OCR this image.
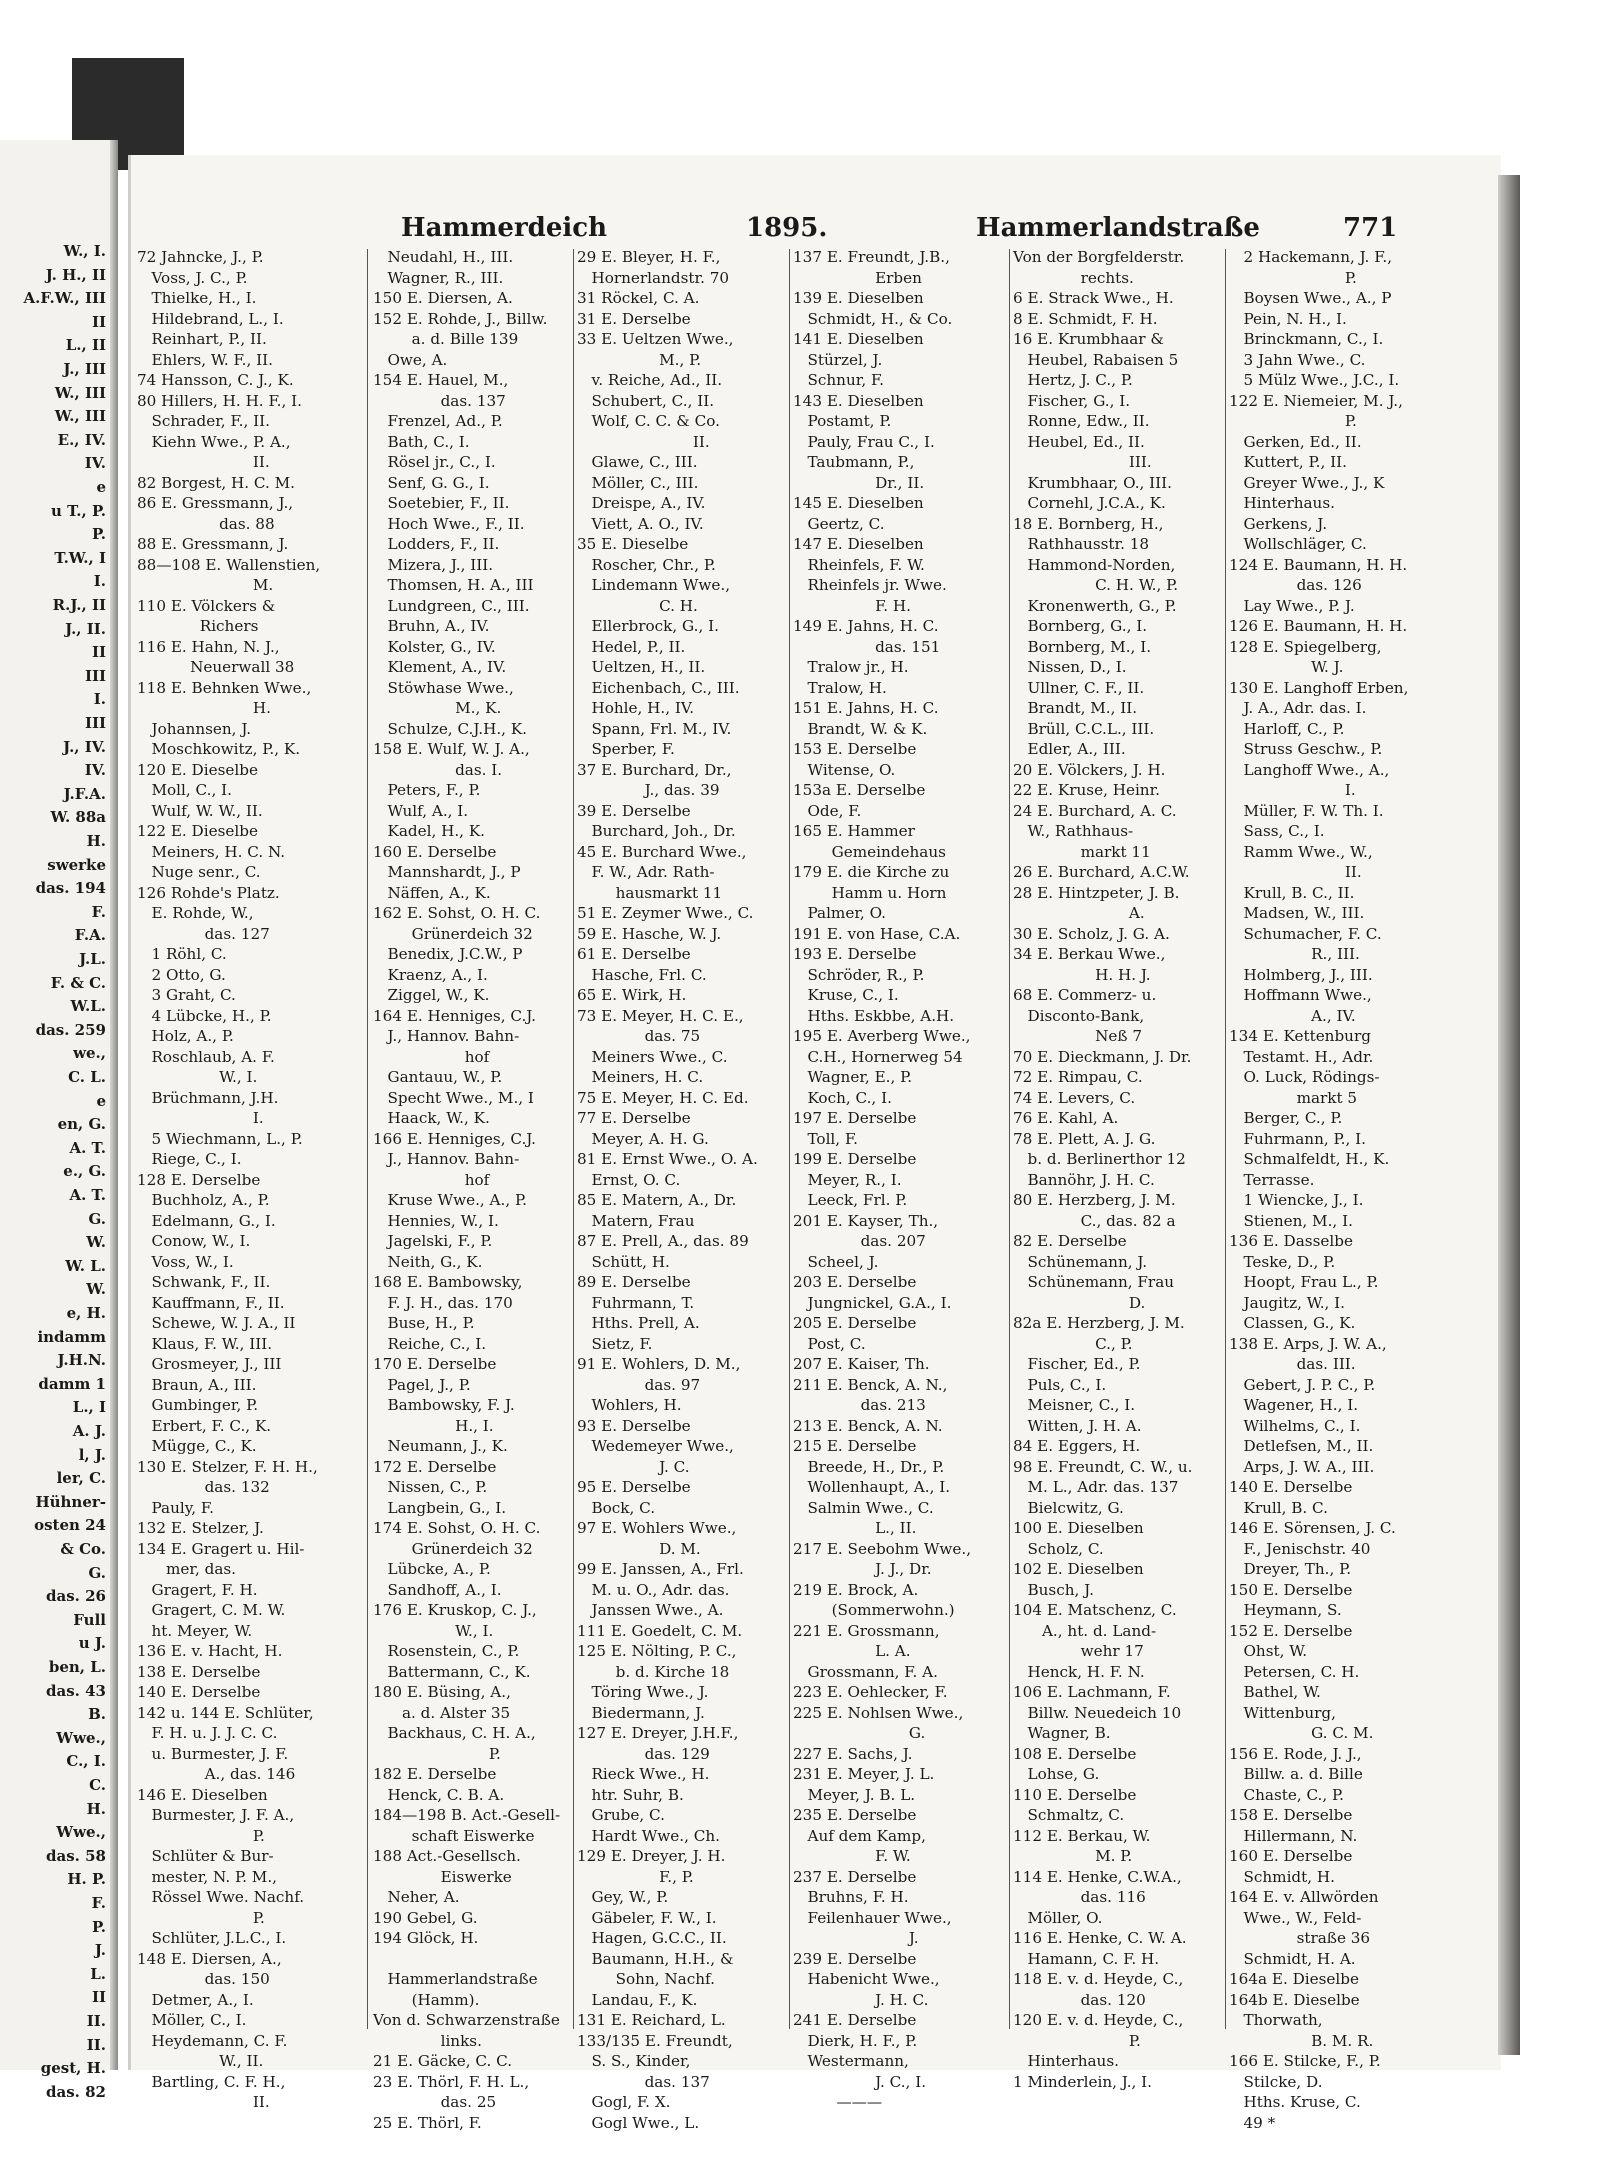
W., I.
J. H., II
A.F.W., III
II
L., II
J., III
W., III
W., III
E., IV.
IV.
e
u T., P.
P.
T.W., I
I.
R.J., II
J., II.
II
III
I.
III
J., IV.
IV.
J.F.A.
W. 88a
H.
swerke
das. 194
F.
F.A.
J.L.
F. & C.
W.L.
das. 259
we.,
C. L.
e
en, G.
A. T.
e., G.
A. T.
G.
W.
W. L.
W.
e, H.
indamm
J.H.N.
damm 1
L., I
A. J.
l, J.
ler, C.
Hühner-
osten 24
& Co.
G.
das. 26
Full
u J.
ben, L.
das. 43
B.
Wwe.,
C., I.
C.
H.
Wwe.,
das. 58
H. P.
F.
P.
J.
L.
II
II.
II.
gest, H.
das. 82
Hammerdeich	1895.	Hammerlandstraße	771
72 Jahncke, J., P.
Voss, J. C., P.
Thielke, H., I.
Hildebrand, L., I.
Reinhart, P., II.
Ehlers, W. F., II.
74 Hansson, C. J., K.
80 Hillers, H. H. F., I.
Schrader, F., II.
Kiehn Wwe., P. A.,
II.
82 Borgest, H. C. M.
86 E. Gressmann, J.,
das. 88
88 E. Gressmann, J.
88—108 E. Wallenstien,
M.
110 E. Völckers &
Richers
116 E. Hahn, N. J.,
Neuerwall 38
118 E. Behnken Wwe.,
H.
Johannsen, J.
Moschkowitz, P., K.
120 E. Dieselbe
Moll, C., I.
Wulf, W. W., II.
122 E. Dieselbe
Meiners, H. C. N.
Nuge senr., C.
126 Rohde's Platz.
E. Rohde, W.,
das. 127
1 Röhl, C.
2 Otto, G.
3 Graht, C.
4 Lübcke, H., P.
Holz, A., P.
Roschlaub, A. F.
W., I.
Brüchmann, J.H.
I.
5 Wiechmann, L., P.
Riege, C., I.
128 E. Derselbe
Buchholz, A., P.
Edelmann, G., I.
Conow, W., I.
Voss, W., I.
Schwank, F., II.
Kauffmann, F., II.
Schewe, W. J. A., II
Klaus, F. W., III.
Grosmeyer, J., III
Braun, A., III.
Gumbinger, P.
Erbert, F. C., K.
Mügge, C., K.
130 E. Stelzer, F. H. H.,
das. 132
Pauly, F.
132 E. Stelzer, J.
134 E. Gragert u. Hil-
mer, das.
Gragert, F. H.
Gragert, C. M. W.
ht. Meyer, W.
136 E. v. Hacht, H.
138 E. Derselbe
140 E. Derselbe
142 u. 144 E. Schlüter,
F. H. u. J. J. C. C.
u. Burmester, J. F.
A., das. 146
146 E. Dieselben
Burmester, J. F. A.,
P.
Schlüter & Bur-
mester, N. P. M.,
Rössel Wwe. Nachf.
P.
Schlüter, J.L.C., I.
148 E. Diersen, A.,
das. 150
Detmer, A., I.
Möller, C., I.
Heydemann, C. F.
W., II.
Bartling, C. F. H.,
II.
Neudahl, H., III.
Wagner, R., III.
150 E. Diersen, A.
152 E. Rohde, J., Billw.
a. d. Bille 139
Owe, A.
154 E. Hauel, M.,
das. 137
Frenzel, Ad., P.
Bath, C., I.
Rösel jr., C., I.
Senf, G. G., I.
Soetebier, F., II.
Hoch Wwe., F., II.
Lodders, F., II.
Mizera, J., III.
Thomsen, H. A., III
Lundgreen, C., III.
Bruhn, A., IV.
Kolster, G., IV.
Klement, A., IV.
Stöwhase Wwe.,
M., K.
Schulze, C.J.H., K.
158 E. Wulf, W. J. A.,
das. I.
Peters, F., P.
Wulf, A., I.
Kadel, H., K.
160 E. Derselbe
Mannshardt, J., P
Näffen, A., K.
162 E. Sohst, O. H. C.
Grünerdeich 32
Benedix, J.C.W., P
Kraenz, A., I.
Ziggel, W., K.
164 E. Henniges, C.J.
J., Hannov. Bahn-
hof
Gantauu, W., P.
Specht Wwe., M., I
Haack, W., K.
166 E. Henniges, C.J.
J., Hannov. Bahn-
hof
Kruse Wwe., A., P.
Hennies, W., I.
Jagelski, F., P.
Neith, G., K.
168 E. Bambowsky,
F. J. H., das. 170
Buse, H., P.
Reiche, C., I.
170 E. Derselbe
Pagel, J., P.
Bambowsky, F. J.
H., I.
Neumann, J., K.
172 E. Derselbe
Nissen, C., P.
Langbein, G., I.
174 E. Sohst, O. H. C.
Grünerdeich 32
Lübcke, A., P.
Sandhoff, A., I.
176 E. Kruskop, C. J.,
W., I.
Rosenstein, C., P.
Battermann, C., K.
180 E. Büsing, A.,
a. d. Alster 35
Backhaus, C. H. A.,
P.
182 E. Derselbe
Henck, C. B. A.
184—198 B. Act.-Gesell-
schaft Eiswerke
188 Act.-Gesellsch.
Eiswerke
Neher, A.
190 Gebel, G.
194 Glöck, H.
Hammerlandstraße
(Hamm).
Von d. Schwarzenstraße
links.
21 E. Gäcke, C. C.
23 E. Thörl, F. H. L.,
das. 25
25 E. Thörl, F.
29 E. Bleyer, H. F.,
Hornerlandstr. 70
31 Röckel, C. A.
31 E. Derselbe
33 E. Ueltzen Wwe.,
M., P.
v. Reiche, Ad., II.
Schubert, C., II.
Wolf, C. C. & Co.
II.
Glawe, C., III.
Möller, C., III.
Dreispe, A., IV.
Viett, A. O., IV.
35 E. Dieselbe
Roscher, Chr., P.
Lindemann Wwe.,
C. H.
Ellerbrock, G., I.
Hedel, P., II.
Ueltzen, H., II.
Eichenbach, C., III.
Hohle, H., IV.
Spann, Frl. M., IV.
Sperber, F.
37 E. Burchard, Dr.,
J., das. 39
39 E. Derselbe
Burchard, Joh., Dr.
45 E. Burchard Wwe.,
F. W., Adr. Rath-
hausmarkt 11
51 E. Zeymer Wwe., C.
59 E. Hasche, W. J.
61 E. Derselbe
Hasche, Frl. C.
65 E. Wirk, H.
73 E. Meyer, H. C. E.,
das. 75
Meiners Wwe., C.
Meiners, H. C.
75 E. Meyer, H. C. Ed.
77 E. Derselbe
Meyer, A. H. G.
81 E. Ernst Wwe., O. A.
Ernst, O. C.
85 E. Matern, A., Dr.
Matern, Frau
87 E. Prell, A., das. 89
Schütt, H.
89 E. Derselbe
Fuhrmann, T.
Hths. Prell, A.
Sietz, F.
91 E. Wohlers, D. M.,
das. 97
Wohlers, H.
93 E. Derselbe
Wedemeyer Wwe.,
J. C.
95 E. Derselbe
Bock, C.
97 E. Wohlers Wwe.,
D. M.
99 E. Janssen, A., Frl.
M. u. O., Adr. das.
Janssen Wwe., A.
111 E. Goedelt, C. M.
125 E. Nölting, P. C.,
b. d. Kirche 18
Töring Wwe., J.
Biedermann, J.
127 E. Dreyer, J.H.F.,
das. 129
Rieck Wwe., H.
htr. Suhr, B.
Grube, C.
Hardt Wwe., Ch.
129 E. Dreyer, J. H.
F., P.
Gey, W., P.
Gäbeler, F. W., I.
Hagen, G.C.C., II.
Baumann, H.H., &
Sohn, Nachf.
Landau, F., K.
131 E. Reichard, L.
133/135 E. Freundt,
S. S., Kinder,
das. 137
Gogl, F. X.
Gogl Wwe., L.
137 E. Freundt, J.B.,
Erben
139 E. Dieselben
Schmidt, H., & Co.
141 E. Dieselben
Stürzel, J.
Schnur, F.
143 E. Dieselben
Postamt, P.
Pauly, Frau C., I.
Taubmann, P.,
Dr., II.
145 E. Dieselben
Geertz, C.
147 E. Dieselben
Rheinfels, F. W.
Rheinfels jr. Wwe.
F. H.
149 E. Jahns, H. C.
das. 151
Tralow jr., H.
Tralow, H.
151 E. Jahns, H. C.
Brandt, W. & K.
153 E. Derselbe
Witense, O.
153a E. Derselbe
Ode, F.
165 E. Hammer
Gemeindehaus
179 E. die Kirche zu
Hamm u. Horn
Palmer, O.
191 E. von Hase, C.A.
193 E. Derselbe
Schröder, R., P.
Kruse, C., I.
Hths. Eskbbe, A.H.
195 E. Averberg Wwe.,
C.H., Hornerweg 54
Wagner, E., P.
Koch, C., I.
197 E. Derselbe
Toll, F.
199 E. Derselbe
Meyer, R., I.
Leeck, Frl. P.
201 E. Kayser, Th.,
das. 207
Scheel, J.
203 E. Derselbe
Jungnickel, G.A., I.
205 E. Derselbe
Post, C.
207 E. Kaiser, Th.
211 E. Benck, A. N.,
das. 213
213 E. Benck, A. N.
215 E. Derselbe
Breede, H., Dr., P.
Wollenhaupt, A., I.
Salmin Wwe., C.
L., II.
217 E. Seebohm Wwe.,
J. J., Dr.
219 E. Brock, A.
(Sommerwohn.)
221 E. Grossmann,
L. A.
Grossmann, F. A.
223 E. Oehlecker, F.
225 E. Nohlsen Wwe.,
G.
227 E. Sachs, J.
231 E. Meyer, J. L.
Meyer, J. B. L.
235 E. Derselbe
Auf dem Kamp,
F. W.
237 E. Derselbe
Bruhns, F. H.
Feilenhauer Wwe.,
J.
239 E. Derselbe
Habenicht Wwe.,
J. H. C.
241 E. Derselbe
Dierk, H. F., P.
Westermann,
J. C., I.
———
Von der Borgfelderstr.
rechts.
6 E. Strack Wwe., H.
8 E. Schmidt, F. H.
16 E. Krumbhaar &
Heubel, Rabaisen 5
Hertz, J. C., P.
Fischer, G., I.
Ronne, Edw., II.
Heubel, Ed., II.
III.
Krumbhaar, O., III.
Cornehl, J.C.A., K.
18 E. Bornberg, H.,
Rathhausstr. 18
Hammond-Norden,
C. H. W., P.
Kronenwerth, G., P.
Bornberg, G., I.
Bornberg, M., I.
Nissen, D., I.
Ullner, C. F., II.
Brandt, M., II.
Brüll, C.C.L., III.
Edler, A., III.
20 E. Völckers, J. H.
22 E. Kruse, Heinr.
24 E. Burchard, A. C.
W., Rathhaus-
markt 11
26 E. Burchard, A.C.W.
28 E. Hintzpeter, J. B.
A.
30 E. Scholz, J. G. A.
34 E. Berkau Wwe.,
H. H. J.
68 E. Commerz- u.
Disconto-Bank,
Neß 7
70 E. Dieckmann, J. Dr.
72 E. Rimpau, C.
74 E. Levers, C.
76 E. Kahl, A.
78 E. Plett, A. J. G.
b. d. Berlinerthor 12
Bannöhr, J. H. C.
80 E. Herzberg, J. M.
C., das. 82 a
82 E. Derselbe
Schünemann, J.
Schünemann, Frau
D.
82a E. Herzberg, J. M.
C., P.
Fischer, Ed., P.
Puls, C., I.
Meisner, C., I.
Witten, J. H. A.
84 E. Eggers, H.
98 E. Freundt, C. W., u.
M. L., Adr. das. 137
Bielcwitz, G.
100 E. Dieselben
Scholz, C.
102 E. Dieselben
Busch, J.
104 E. Matschenz, C.
A., ht. d. Land-
wehr 17
Henck, H. F. N.
106 E. Lachmann, F.
Billw. Neuedeich 10
Wagner, B.
108 E. Derselbe
Lohse, G.
110 E. Derselbe
Schmaltz, C.
112 E. Berkau, W.
M. P.
114 E. Henke, C.W.A.,
das. 116
Möller, O.
116 E. Henke, C. W. A.
Hamann, C. F. H.
118 E. v. d. Heyde, C.,
das. 120
120 E. v. d. Heyde, C.,
P.
Hinterhaus.
1 Minderlein, J., I.
2 Hackemann, J. F.,
P.
Boysen Wwe., A., P
Pein, N. H., I.
Brinckmann, C., I.
3 Jahn Wwe., C.
5 Mülz Wwe., J.C., I.
122 E. Niemeier, M. J.,
P.
Gerken, Ed., II.
Kuttert, P., II.
Greyer Wwe., J., K
Hinterhaus.
Gerkens, J.
Wollschläger, C.
124 E. Baumann, H. H.
das. 126
Lay Wwe., P. J.
126 E. Baumann, H. H.
128 E. Spiegelberg,
W. J.
130 E. Langhoff Erben,
J. A., Adr. das. I.
Harloff, C., P.
Struss Geschw., P.
Langhoff Wwe., A.,
I.
Müller, F. W. Th. I.
Sass, C., I.
Ramm Wwe., W.,
II.
Krull, B. C., II.
Madsen, W., III.
Schumacher, F. C.
R., III.
Holmberg, J., III.
Hoffmann Wwe.,
A., IV.
134 E. Kettenburg
Testamt. H., Adr.
O. Luck, Rödings-
markt 5
Berger, C., P.
Fuhrmann, P., I.
Schmalfeldt, H., K.
Terrasse.
1 Wiencke, J., I.
Stienen, M., I.
136 E. Dasselbe
Teske, D., P.
Hoopt, Frau L., P.
Jaugitz, W., I.
Classen, G., K.
138 E. Arps, J. W. A.,
das. III.
Gebert, J. P. C., P.
Wagener, H., I.
Wilhelms, C., I.
Detlefsen, M., II.
Arps, J. W. A., III.
140 E. Derselbe
Krull, B. C.
146 E. Sörensen, J. C.
F., Jenischstr. 40
Dreyer, Th., P.
150 E. Derselbe
Heymann, S.
152 E. Derselbe
Ohst, W.
Petersen, C. H.
Bathel, W.
Wittenburg,
G. C. M.
156 E. Rode, J. J.,
Billw. a. d. Bille
Chaste, C., P.
158 E. Derselbe
Hillermann, N.
160 E. Derselbe
Schmidt, H.
164 E. v. Allwörden
Wwe., W., Feld-
straße 36
Schmidt, H. A.
164a E. Dieselbe
164b E. Dieselbe
Thorwath,
B. M. R.
166 E. Stilcke, F., P.
Stilcke, D.
Hths. Kruse, C.
49 *
